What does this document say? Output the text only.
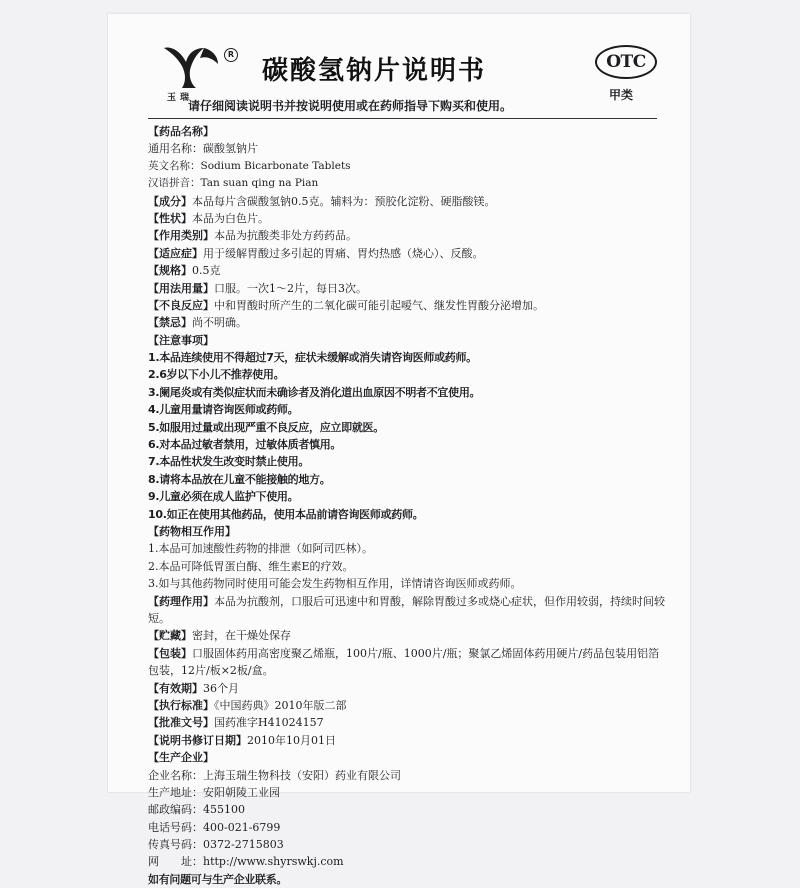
R
玉瑞
碳酸氢钠片说明书	OTC
甲类
请仔细阅读说明书并按说明使用或在药师指导下购买和使用。
【药品名称】
通用名称：碳酸氢钠片
英文名称：Sodium Bicarbonate Tablets
汉语拼音：Tan suan qing na Pian
【成分】本品每片含碳酸氢钠0.5克。辅料为：预胶化淀粉、硬脂酸镁。
【性状】本品为白色片。
【作用类别】本品为抗酸类非处方药药品。
【适应症】用于缓解胃酸过多引起的胃痛、胃灼热感（烧心）、反酸。
【规格】0.5克
【用法用量】口服。一次1～2片，每日3次。
【不良反应】中和胃酸时所产生的二氧化碳可能引起嗳气、继发性胃酸分泌增加。
【禁忌】尚不明确。
【注意事项】
1.本品连续使用不得超过7天，症状未缓解或消失请咨询医师或药师。
2.6岁以下小儿不推荐使用。
3.阑尾炎或有类似症状而未确诊者及消化道出血原因不明者不宜使用。
4.儿童用量请咨询医师或药师。
5.如服用过量或出现严重不良反应，应立即就医。
6.对本品过敏者禁用，过敏体质者慎用。
7.本品性状发生改变时禁止使用。
8.请将本品放在儿童不能接触的地方。
9.儿童必须在成人监护下使用。
10.如正在使用其他药品，使用本品前请咨询医师或药师。
【药物相互作用】
1.本品可加速酸性药物的排泄（如阿司匹林）。
2.本品可降低胃蛋白酶、维生素E的疗效。
3.如与其他药物同时使用可能会发生药物相互作用，详情请咨询医师或药师。
【药理作用】本品为抗酸剂，口服后可迅速中和胃酸，解除胃酸过多或烧心症状，但作用较弱，持续时间较短。
【贮藏】密封，在干燥处保存
【包装】口服固体药用高密度聚乙烯瓶，100片/瓶、1000片/瓶；聚氯乙烯固体药用硬片/药品包装用铝箔包装，12片/板×2板/盒。
【有效期】36个月
【执行标准】《中国药典》2010年版二部
【批准文号】国药准字H41024157
【说明书修订日期】2010年10月01日
【生产企业】
企业名称：上海玉瑞生物科技（安阳）药业有限公司
生产地址：安阳朝陵工业园
邮政编码：455100
电话号码：400-021-6799
传真号码：0372-2715803
网　　址：http://www.shyrswkj.com
如有问题可与生产企业联系。
